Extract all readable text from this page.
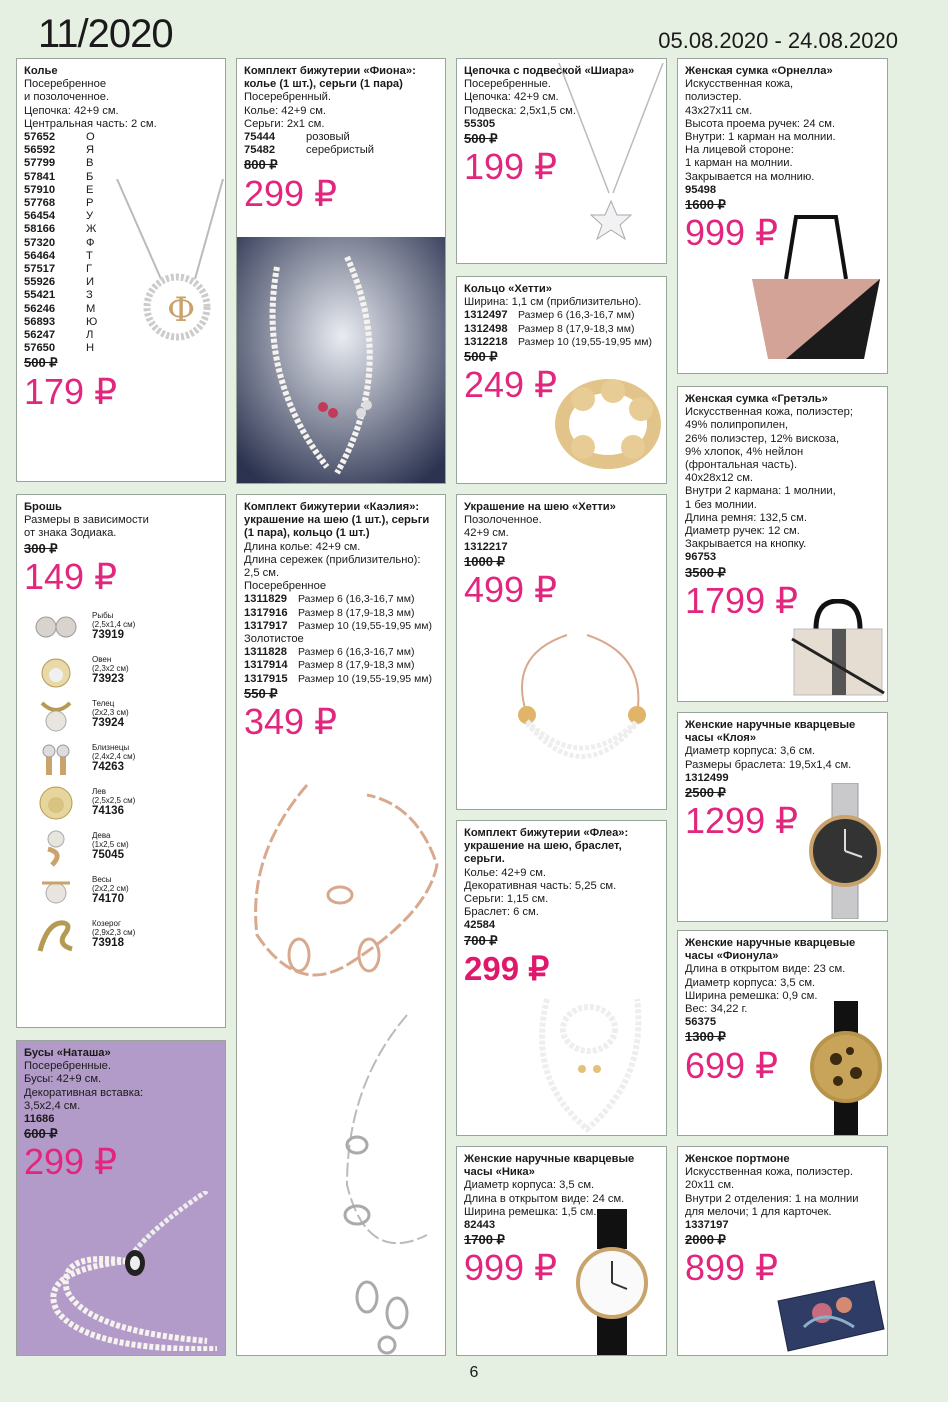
11/2020	05.08.2020 - 24.08.2020
Колье
Посеребренное
и позолоченное.
Цепочка: 42+9 см.
Центральная часть: 2 см.
57652	О
56592	Я
57799	В
57841	Б
57910	Е
57768	Р
56454	У
58166	Ж
57320	Ф
56464	Т
57517	Г
55926	И
55421	З
56246	М
56893	Ю
56247	Л
57650	Н
500 ₽
179 ₽
Ф
Брошь
Размеры в зависимости
от знака Зодиака.
300 ₽
149 ₽
Рыбы
(2,5х1,4 см)
73919
Овен
(2,3х2 см)
73923
Телец
(2х2,3 см)
73924
Близнецы
(2,4х2,4 см)
74263
Лев
(2,5х2,5 см)
74136
Дева
(1х2,5 см)
75045
Весы
(2х2,2 см)
74170
Козерог
(2,9х2,3 см)
73918
Бусы «Наташа»
Посеребренные.
Бусы: 42+9 см.
Декоративная вставка:
3,5х2,4 см.
11686
600 ₽
299 ₽
Комплект бижутерии «Фиона»: колье (1 шт.), серьги (1 пара)
Посеребренный.
Колье: 42+9 см.
Серьги: 2х1 см.
75444	розовый
75482	серебристый
800 ₽
299 ₽
Комплект бижутерии «Каэлия»: украшение на шею (1 шт.), серьги (1 пара), кольцо (1 шт.)
Длина колье: 42+9 см.
Длина сережек (приблизительно):
2,5 см.
Посеребренное
1311829	Размер 6 (16,3-16,7 мм)
1317916 Размер 8 (17,9-18,3 мм)
1317917 Размер 10 (19,55-19,95 мм)
Золотистое
1311828	Размер 6 (16,3-16,7 мм)
1317914 Размер 8 (17,9-18,3 мм)
1317915 Размер 10 (19,55-19,95 мм)
550 ₽
349 ₽
Цепочка с подвеской «Шиара»
Посеребренные.
Цепочка: 42+9 см.
Подвеска: 2,5х1,5 см.
55305
500 ₽
199 ₽
Кольцо «Хетти»
Ширина: 1,1 см (приблизительно).
1312497 Размер 6 (16,3-16,7 мм)
1312498 Размер 8 (17,9-18,3 мм)
1312218 Размер 10 (19,55-19,95 мм)
500 ₽
249 ₽
Украшение на шею «Хетти»
Позолоченное.
42+9 см.
1312217
1000 ₽
499 ₽
Комплект бижутерии «Флеа»: украшение на шею, браслет, серьги.
Колье: 42+9 см.
Декоративная часть: 5,25 см.
Серьги: 1,15 см.
Браслет: 6 см.
42584
700 ₽
299 ₽
Женские наручные кварцевые часы «Ника»
Диаметр корпуса: 3,5 см.
Длина в открытом виде: 24 см.
Ширина ремешка: 1,5 см.
82443
1700 ₽
999 ₽
Женская сумка «Орнелла»
Искусственная кожа,
полиэстер.
43х27х11 см.
Высота проема ручек: 24 см.
Внутри: 1 карман на молнии.
На лицевой стороне:
1 карман на молнии.
Закрывается на молнию.
95498
1600 ₽
999 ₽
Женская сумка «Гретэль»
Искусственная кожа, полиэстер;
49% полипропилен,
26% полиэстер, 12% вискоза,
9% хлопок, 4% нейлон
(фронтальная часть).
40х28х12 см.
Внутри 2 кармана: 1 молнии,
1 без молнии.
Длина ремня: 132,5 см.
Диаметр ручек: 12 см.
Закрывается на кнопку.
96753
3500 ₽
1799 ₽
Женские наручные кварцевые часы «Клоя»
Диаметр корпуса: 3,6 см.
Размеры браслета: 19,5х1,4 см.
1312499
2500 ₽
1299 ₽
Женские наручные кварцевые часы «Фионула»
Длина в открытом виде: 23 см.
Диаметр корпуса: 3,5 см.
Ширина ремешка: 0,9 см.
Вес: 34,22 г.
56375
1300 ₽
699 ₽
Женское портмоне
Искусственная кожа, полиэстер.
20х11 см.
Внутри 2 отделения: 1 на молнии
для мелочи; 1 для карточек.
1337197
2000 ₽
899 ₽
6
